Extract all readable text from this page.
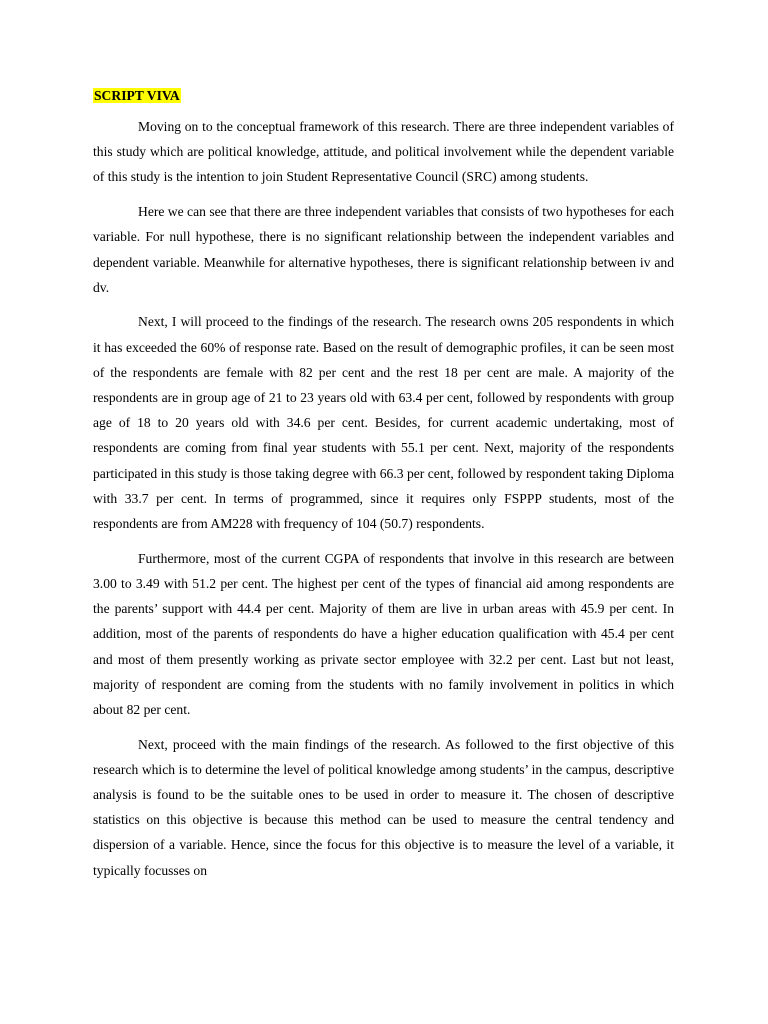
SCRIPT VIVA

Moving on to the conceptual framework of this research. There are three independent variables of this study which are political knowledge, attitude, and political involvement while the dependent variable of this study is the intention to join Student Representative Council (SRC) among students.

Here we can see that there are three independent variables that consists of two hypotheses for each variable. For null hypothese, there is no significant relationship between the independent variables and dependent variable. Meanwhile for alternative hypotheses, there is significant relationship between iv and dv.

Next, I will proceed to the findings of the research. The research owns 205 respondents in which it has exceeded the 60% of response rate. Based on the result of demographic profiles, it can be seen most of the respondents are female with 82 per cent and the rest 18 per cent are male. A majority of the respondents are in group age of 21 to 23 years old with 63.4 per cent, followed by respondents with group age of 18 to 20 years old with 34.6 per cent. Besides, for current academic undertaking, most of respondents are coming from final year students with 55.1 per cent. Next, majority of the respondents participated in this study is those taking degree with 66.3 per cent, followed by respondent taking Diploma with 33.7 per cent. In terms of programmed, since it requires only FSPPP students, most of the respondents are from AM228 with frequency of 104 (50.7) respondents.

Furthermore, most of the current CGPA of respondents that involve in this research are between 3.00 to 3.49 with 51.2 per cent. The highest per cent of the types of financial aid among respondents are the parents’ support with 44.4 per cent. Majority of them are live in urban areas with 45.9 per cent. In addition, most of the parents of respondents do have a higher education qualification with 45.4 per cent and most of them presently working as private sector employee with 32.2 per cent. Last but not least, majority of respondent are coming from the students with no family involvement in politics in which about 82 per cent.

Next, proceed with the main findings of the research. As followed to the first objective of this research which is to determine the level of political knowledge among students’ in the campus, descriptive analysis is found to be the suitable ones to be used in order to measure it. The chosen of descriptive statistics on this objective is because this method can be used to measure the central tendency and dispersion of a variable. Hence, since the focus for this objective is to measure the level of a variable, it typically focusses on
